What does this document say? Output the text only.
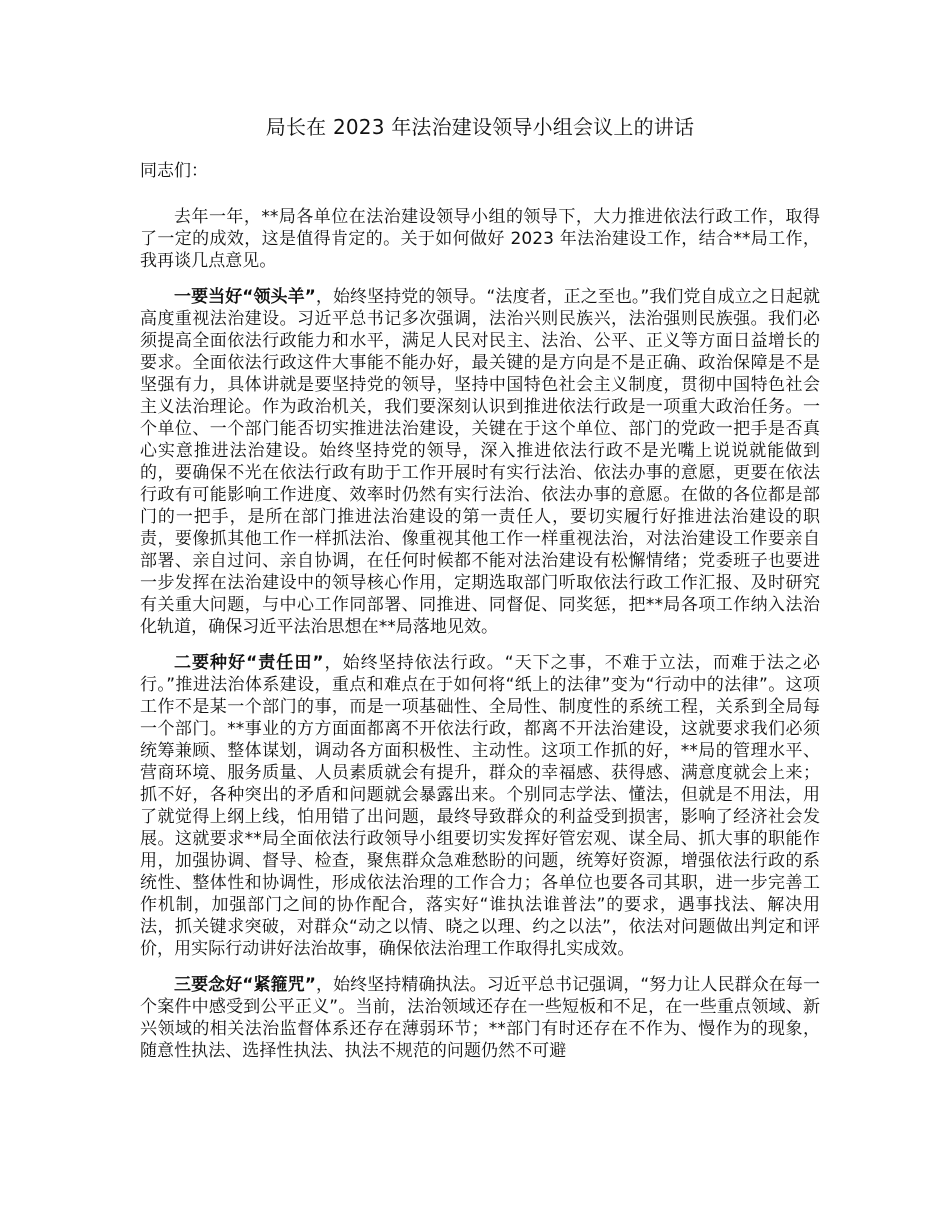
局长在 2023 年法治建设领导小组会议上的讲话
同志们：

去年一年，**局各单位在法治建设领导小组的领导下，大力推进依法行政工作，取得了一定的成效，这是值得肯定的。关于如何做好 2023 年法治建设工作，结合**局工作，我再谈几点意见。

一要当好“领头羊”，始终坚持党的领导。“法度者，正之至也。”我们党自成立之日起就高度重视法治建设。习近平总书记多次强调，法治兴则民族兴，法治强则民族强。我们必须提高全面依法行政能力和水平，满足人民对民主、法治、公平、正义等方面日益增长的要求。全面依法行政这件大事能不能办好，最关键的是方向是不是正确、政治保障是不是坚强有力，具体讲就是要坚持党的领导，坚持中国特色社会主义制度，贯彻中国特色社会主义法治理论。作为政治机关，我们要深刻认识到推进依法行政是一项重大政治任务。一个单位、一个部门能否切实推进法治建设，关键在于这个单位、部门的党政一把手是否真心实意推进法治建设。始终坚持党的领导，深入推进依法行政不是光嘴上说说就能做到的，要确保不光在依法行政有助于工作开展时有实行法治、依法办事的意愿，更要在依法行政有可能影响工作进度、效率时仍然有实行法治、依法办事的意愿。在做的各位都是部门的一把手，是所在部门推进法治建设的第一责任人，要切实履行好推进法治建设的职责，要像抓其他工作一样抓法治、像重视其他工作一样重视法治，对法治建设工作要亲自部署、亲自过问、亲自协调，在任何时候都不能对法治建设有松懈情绪；党委班子也要进一步发挥在法治建设中的领导核心作用，定期选取部门听取依法行政工作汇报、及时研究有关重大问题，与中心工作同部署、同推进、同督促、同奖惩，把**局各项工作纳入法治化轨道，确保习近平法治思想在**局落地见效。

二要种好“责任田”，始终坚持依法行政。“天下之事，不难于立法，而难于法之必行。”推进法治体系建设，重点和难点在于如何将“纸上的法律”变为“行动中的法律”。这项工作不是某一个部门的事，而是一项基础性、全局性、制度性的系统工程，关系到全局每一个部门。**事业的方方面面都离不开依法行政，都离不开法治建设，这就要求我们必须统筹兼顾、整体谋划，调动各方面积极性、主动性。这项工作抓的好，**局的管理水平、营商环境、服务质量、人员素质就会有提升，群众的幸福感、获得感、满意度就会上来；抓不好，各种突出的矛盾和问题就会暴露出来。个别同志学法、懂法，但就是不用法，用了就觉得上纲上线，怕用错了出问题，最终导致群众的利益受到损害，影响了经济社会发展。这就要求**局全面依法行政领导小组要切实发挥好管宏观、谋全局、抓大事的职能作用，加强协调、督导、检查，聚焦群众急难愁盼的问题，统筹好资源，增强依法行政的系统性、整体性和协调性，形成依法治理的工作合力；各单位也要各司其职，进一步完善工作机制，加强部门之间的协作配合，落实好“谁执法谁普法”的要求，遇事找法、解决用法，抓关键求突破，对群众“动之以情、晓之以理、约之以法”，依法对问题做出判定和评价，用实际行动讲好法治故事，确保依法治理工作取得扎实成效。

三要念好“紧箍咒”，始终坚持精确执法。习近平总书记强调，“努力让人民群众在每一个案件中感受到公平正义”。当前，法治领域还存在一些短板和不足，在一些重点领域、新兴领域的相关法治监督体系还存在薄弱环节；**部门有时还存在不作为、慢作为的现象，随意性执法、选择性执法、执法不规范的问题仍然不可避
